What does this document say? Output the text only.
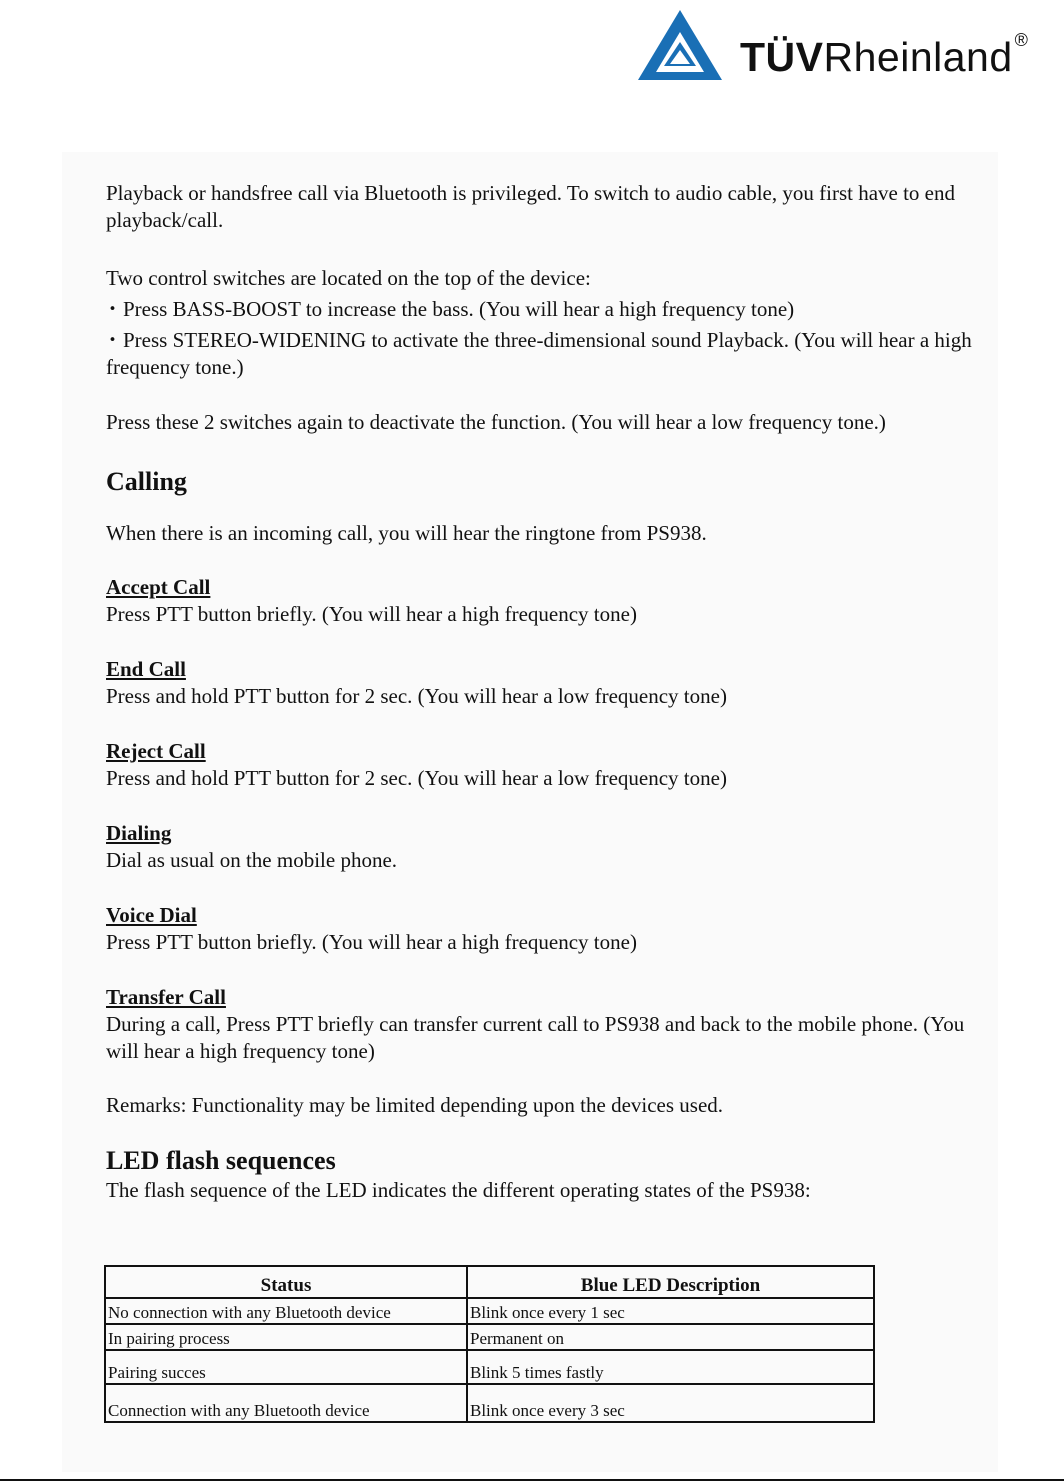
TÜVRheinland ®

Playback or handsfree call via Bluetooth is privileged. To switch to audio cable, you first have to end playback/call.

Two control switches are located on the top of the device:

・ Press BASS-BOOST to increase the bass. (You will hear a high frequency tone)

・ Press STEREO-WIDENING to activate the three-dimensional sound Playback. (You will hear a high frequency tone.)

Press these 2 switches again to deactivate the function. (You will hear a low frequency tone.)

Calling

When there is an incoming call, you will hear the ringtone from PS938.

Accept Call

Press PTT button briefly. (You will hear a high frequency tone)

End Call

Press and hold PTT button for 2 sec. (You will hear a low frequency tone)

Reject Call

Press and hold PTT button for 2 sec. (You will hear a low frequency tone)

Dialing

Dial as usual on the mobile phone.

Voice Dial

Press PTT button briefly. (You will hear a high frequency tone)

Transfer Call

During a call, Press PTT briefly can transfer current call to PS938 and back to the mobile phone. (You will hear a high frequency tone)

Remarks: Functionality may be limited depending upon the devices used.

LED flash sequences

The flash sequence of the LED indicates the different operating states of the PS938:

Status	Blue LED Description
No connection with any Bluetooth device	Blink once every 1 sec
In pairing process	Permanent on
Pairing succes	Blink 5 times fastly
Connection with any Bluetooth device	Blink once every 3 sec
